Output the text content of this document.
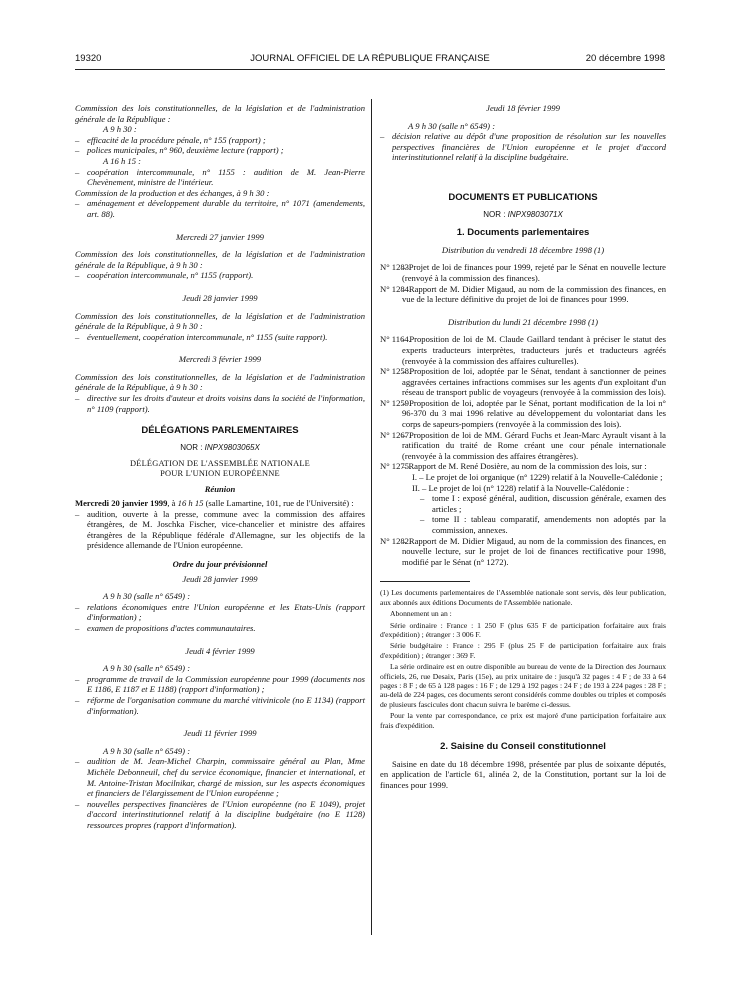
19320	JOURNAL OFFICIEL DE LA RÉPUBLIQUE FRANÇAISE	20 décembre 1998

Commission des lois constitutionnelles, de la législation et de l'administration générale de la République :

A 9 h 30 :

– efficacité de la procédure pénale, n° 155 (rapport) ;

– polices municipales, n° 960, deuxième lecture (rapport) ;

A 16 h 15 :

– coopération intercommunale, n° 1155 : audition de M. Jean-Pierre Chevènement, ministre de l'intérieur.

Commission de la production et des échanges, à 9 h 30 :

– aménagement et développement durable du territoire, n° 1071 (amendements, art. 88).

Mercredi 27 janvier 1999

Commission des lois constitutionnelles, de la législation et de l'administration générale de la République, à 9 h 30 :

– coopération intercommunale, n° 1155 (rapport).

Jeudi 28 janvier 1999

Commission des lois constitutionnelles, de la législation et de l'administration générale de la République, à 9 h 30 :

– éventuellement, coopération intercommunale, n° 1155 (suite rapport).

Mercredi 3 février 1999

Commission des lois constitutionnelles, de la législation et de l'administration générale de la République, à 9 h 30 :

– directive sur les droits d'auteur et droits voisins dans la société de l'information, n° 1109 (rapport).

DÉLÉGATIONS PARLEMENTAIRES

NOR : INPX9803065X

DÉLÉGATION DE L'ASSEMBLÉE NATIONALE

POUR L'UNION EUROPÉENNE

Réunion

Mercredi 20 janvier 1999, à 16 h 15 (salle Lamartine, 101, rue de l'Université) :

– audition, ouverte à la presse, commune avec la commission des affaires étrangères, de M. Joschka Fischer, vice-chancelier et ministre des affaires étrangères de la République fédérale d'Allemagne, sur les objectifs de la présidence allemande de l'Union européenne.

Ordre du jour prévisionnel

Jeudi 28 janvier 1999

A 9 h 30 (salle n° 6549) :

– relations économiques entre l'Union européenne et les Etats-Unis (rapport d'information) ;

– examen de propositions d'actes communautaires.

Jeudi 4 février 1999

A 9 h 30 (salle n° 6549) :

– programme de travail de la Commission européenne pour 1999 (documents nos E 1186, E 1187 et E 1188) (rapport d'information) ;

– réforme de l'organisation commune du marché vitivinicole (no E 1134) (rapport d'information).

Jeudi 11 février 1999

A 9 h 30 (salle n° 6549) :

– audition de M. Jean-Michel Charpin, commissaire général au Plan, Mme Michèle Debonneuil, chef du service économique, financier et international, et M. Antoine-Tristan Mocilnikar, chargé de mission, sur les aspects économiques et financiers de l'élargissement de l'Union européenne ;

– nouvelles perspectives financières de l'Union européenne (no E 1049), projet d'accord interinstitutionnel relatif à la discipline budgétaire (no E 1128) ressources propres (rapport d'information).

Jeudi 18 février 1999

A 9 h 30 (salle n° 6549) :

– décision relative au dépôt d'une proposition de résolution sur les nouvelles perspectives financières de l'Union européenne et le projet d'accord interinstitutionnel relatif à la discipline budgétaire.

DOCUMENTS ET PUBLICATIONS

NOR : INPX9803071X

1. Documents parlementaires

Distribution du vendredi 18 décembre 1998 (1)

N° 1283.
– Projet de loi de finances pour 1999, rejeté par le Sénat en nouvelle lecture (renvoyé à la commission des finances).

N° 1284.
– Rapport de M. Didier Migaud, au nom de la commission des finances, en vue de la lecture définitive du projet de loi de finances pour 1999.

Distribution du lundi 21 décembre 1998 (1)

N° 1164.
– Proposition de loi de M. Claude Gaillard tendant à préciser le statut des experts traducteurs interprètes, traducteurs jurés et traducteurs agréés (renvoyée à la commission des affaires culturelles).

N° 1258.
– Proposition de loi, adoptée par le Sénat, tendant à sanctionner de peines aggravées certaines infractions commises sur les agents d'un exploitant d'un réseau de transport public de voyageurs (renvoyée à la commission des lois).

N° 1259.
– Proposition de loi, adoptée par le Sénat, portant modification de la loi n° 96-370 du 3 mai 1996 relative au développement du volontariat dans les corps de sapeurs-pompiers (renvoyée à la commission des lois).

N° 1267.
– Proposition de loi de MM. Gérard Fuchs et Jean-Marc Ayrault visant à la ratification du traité de Rome créant une cour pénale internationale (renvoyée à la commission des affaires étrangères).

N° 1275.
– Rapport de M. René Dosière, au nom de la commission des lois, sur :

I. – Le projet de loi organique (n° 1229) relatif à la Nouvelle-Calédonie ;

II. – Le projet de loi (n° 1228) relatif à la Nouvelle-Calédonie :

– tome I : exposé général, audition, discussion générale, examen des articles ;

– tome II : tableau comparatif, amendements non adoptés par la commission, annexes.

N° 1282.
– Rapport de M. Didier Migaud, au nom de la commission des finances, en nouvelle lecture, sur le projet de loi de finances rectificative pour 1998, modifié par le Sénat (n° 1272).

(1) Les documents parlementaires de l'Assemblée nationale sont servis, dès leur publication, aux abonnés aux éditions Documents de l'Assemblée nationale.

Abonnement un an :

Série ordinaire : France : 1 250 F (plus 635 F de participation forfaitaire aux frais d'expédition) ; étranger : 3 006 F.

Série budgétaire : France : 295 F (plus 25 F de participation forfaitaire aux frais d'expédition) ; étranger : 369 F.

La série ordinaire est en outre disponible au bureau de vente de la Direction des Journaux officiels, 26, rue Desaix, Paris (15e), au prix unitaire de : jusqu'à 32 pages : 4 F ; de 33 à 64 pages : 8 F ; de 65 à 128 pages : 16 F ; de 129 à 192 pages : 24 F ; de 193 à 224 pages : 28 F ; au-delà de 224 pages, ces documents seront considérés comme doubles ou triples et composés de plusieurs fascicules dont chacun suivra le barème ci-dessus.

Pour la vente par correspondance, ce prix est majoré d'une participation forfaitaire aux frais d'expédition.

2. Saisine du Conseil constitutionnel

Saisine en date du 18 décembre 1998, présentée par plus de soixante députés, en application de l'article 61, alinéa 2, de la Constitution, portant sur la loi de finances pour 1999.
